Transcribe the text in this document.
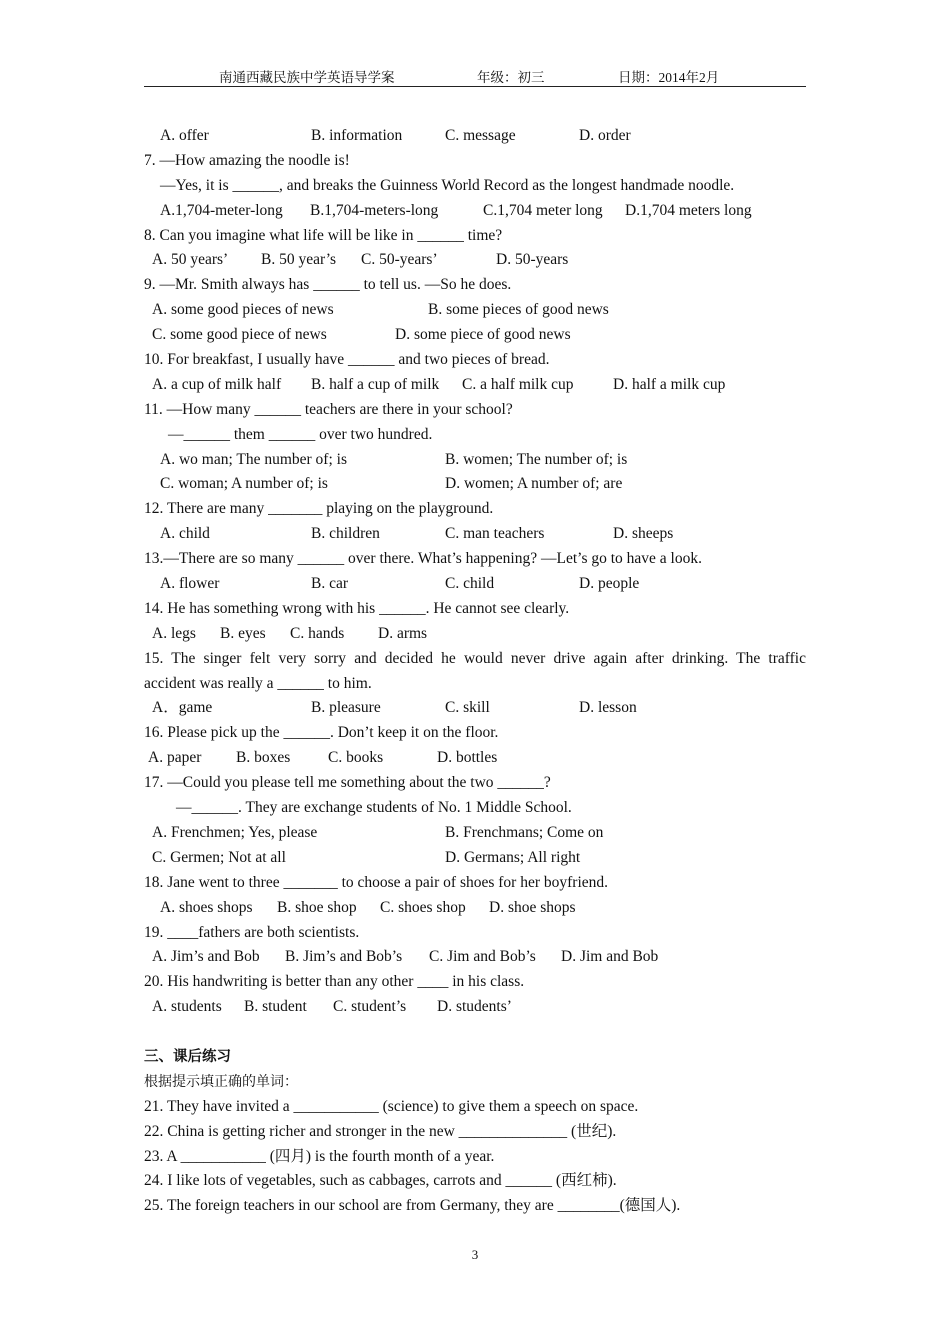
南通西藏民族中学英语导学案	年级：初三	日期：2014年2月
A. offer	B. information	C. message	D. order
7. —How amazing the noodle is!
—Yes, it is ______, and breaks the Guinness World Record as the longest handmade noodle.
A.1,704-meter-long B.1,704-meters-long	C.1,704 meter long D.1,704 meters long
8. Can you imagine what life will be like in ______ time?
A. 50 years’ B. 50 year’s C. 50-years’	D. 50-years
9. —Mr. Smith always has ______ to tell us. —So he does.
A. some good pieces of news	B. some pieces of good news
C. some good piece of news	D. some piece of good news
10. For breakfast, I usually have ______ and two pieces of bread.
A. a cup of milk half B. half a cup of milk C. a half milk cup	D. half a milk cup
11. —How many ______ teachers are there in your school?
—______ them ______ over two hundred.
A. wo man; The number of; is	B. women; The number of; is
C. woman; A number of; is	D. women; A number of; are
12. There are many _______ playing on the playground.
A. child	B. children	C. man teachers	D. sheeps
13.—There are so many ______ over there. What’s happening? —Let’s go to have a look.
A. flower	B. car	C. child	D. people
14. He has something wrong with his ______. He cannot see clearly.
A. legs B. eyes C. hands D. arms
15. The singer felt very sorry and decided he would never drive again after drinking. The traffic
accident was really a ______ to him.
A．game	B. pleasure	C. skill	D. lesson
16. Please pick up the ______. Don’t keep it on the floor.
A. paper B. boxes C. books	D. bottles
17. —Could you please tell me something about the two ______?
—______. They are exchange students of No. 1 Middle School.
A. Frenchmen; Yes, please	B. Frenchmans; Come on
C. Germen; Not at all	D. Germans; All right
18. Jane went to three _______ to choose a pair of shoes for her boyfriend.
A. shoes shops B. shoe shop C. shoes shop D. shoe shops
19. ____fathers are both scientists.
A. Jim’s and Bob B. Jim’s and Bob’s C. Jim and Bob’s D. Jim and Bob
20. His handwriting is better than any other ____ in his class.
A. students B. student C. student’s D. students’
三、课后练习
根据提示填正确的单词：
21. They have invited a ___________ (science) to give them a speech on space.
22. China is getting richer and stronger in the new ______________ (世纪).
23. A ___________ (四月) is the fourth month of a year.
24. I like lots of vegetables, such as cabbages, carrots and ______ (西红柿).
25. The foreign teachers in our school are from Germany, they are ________(德国人).
3
